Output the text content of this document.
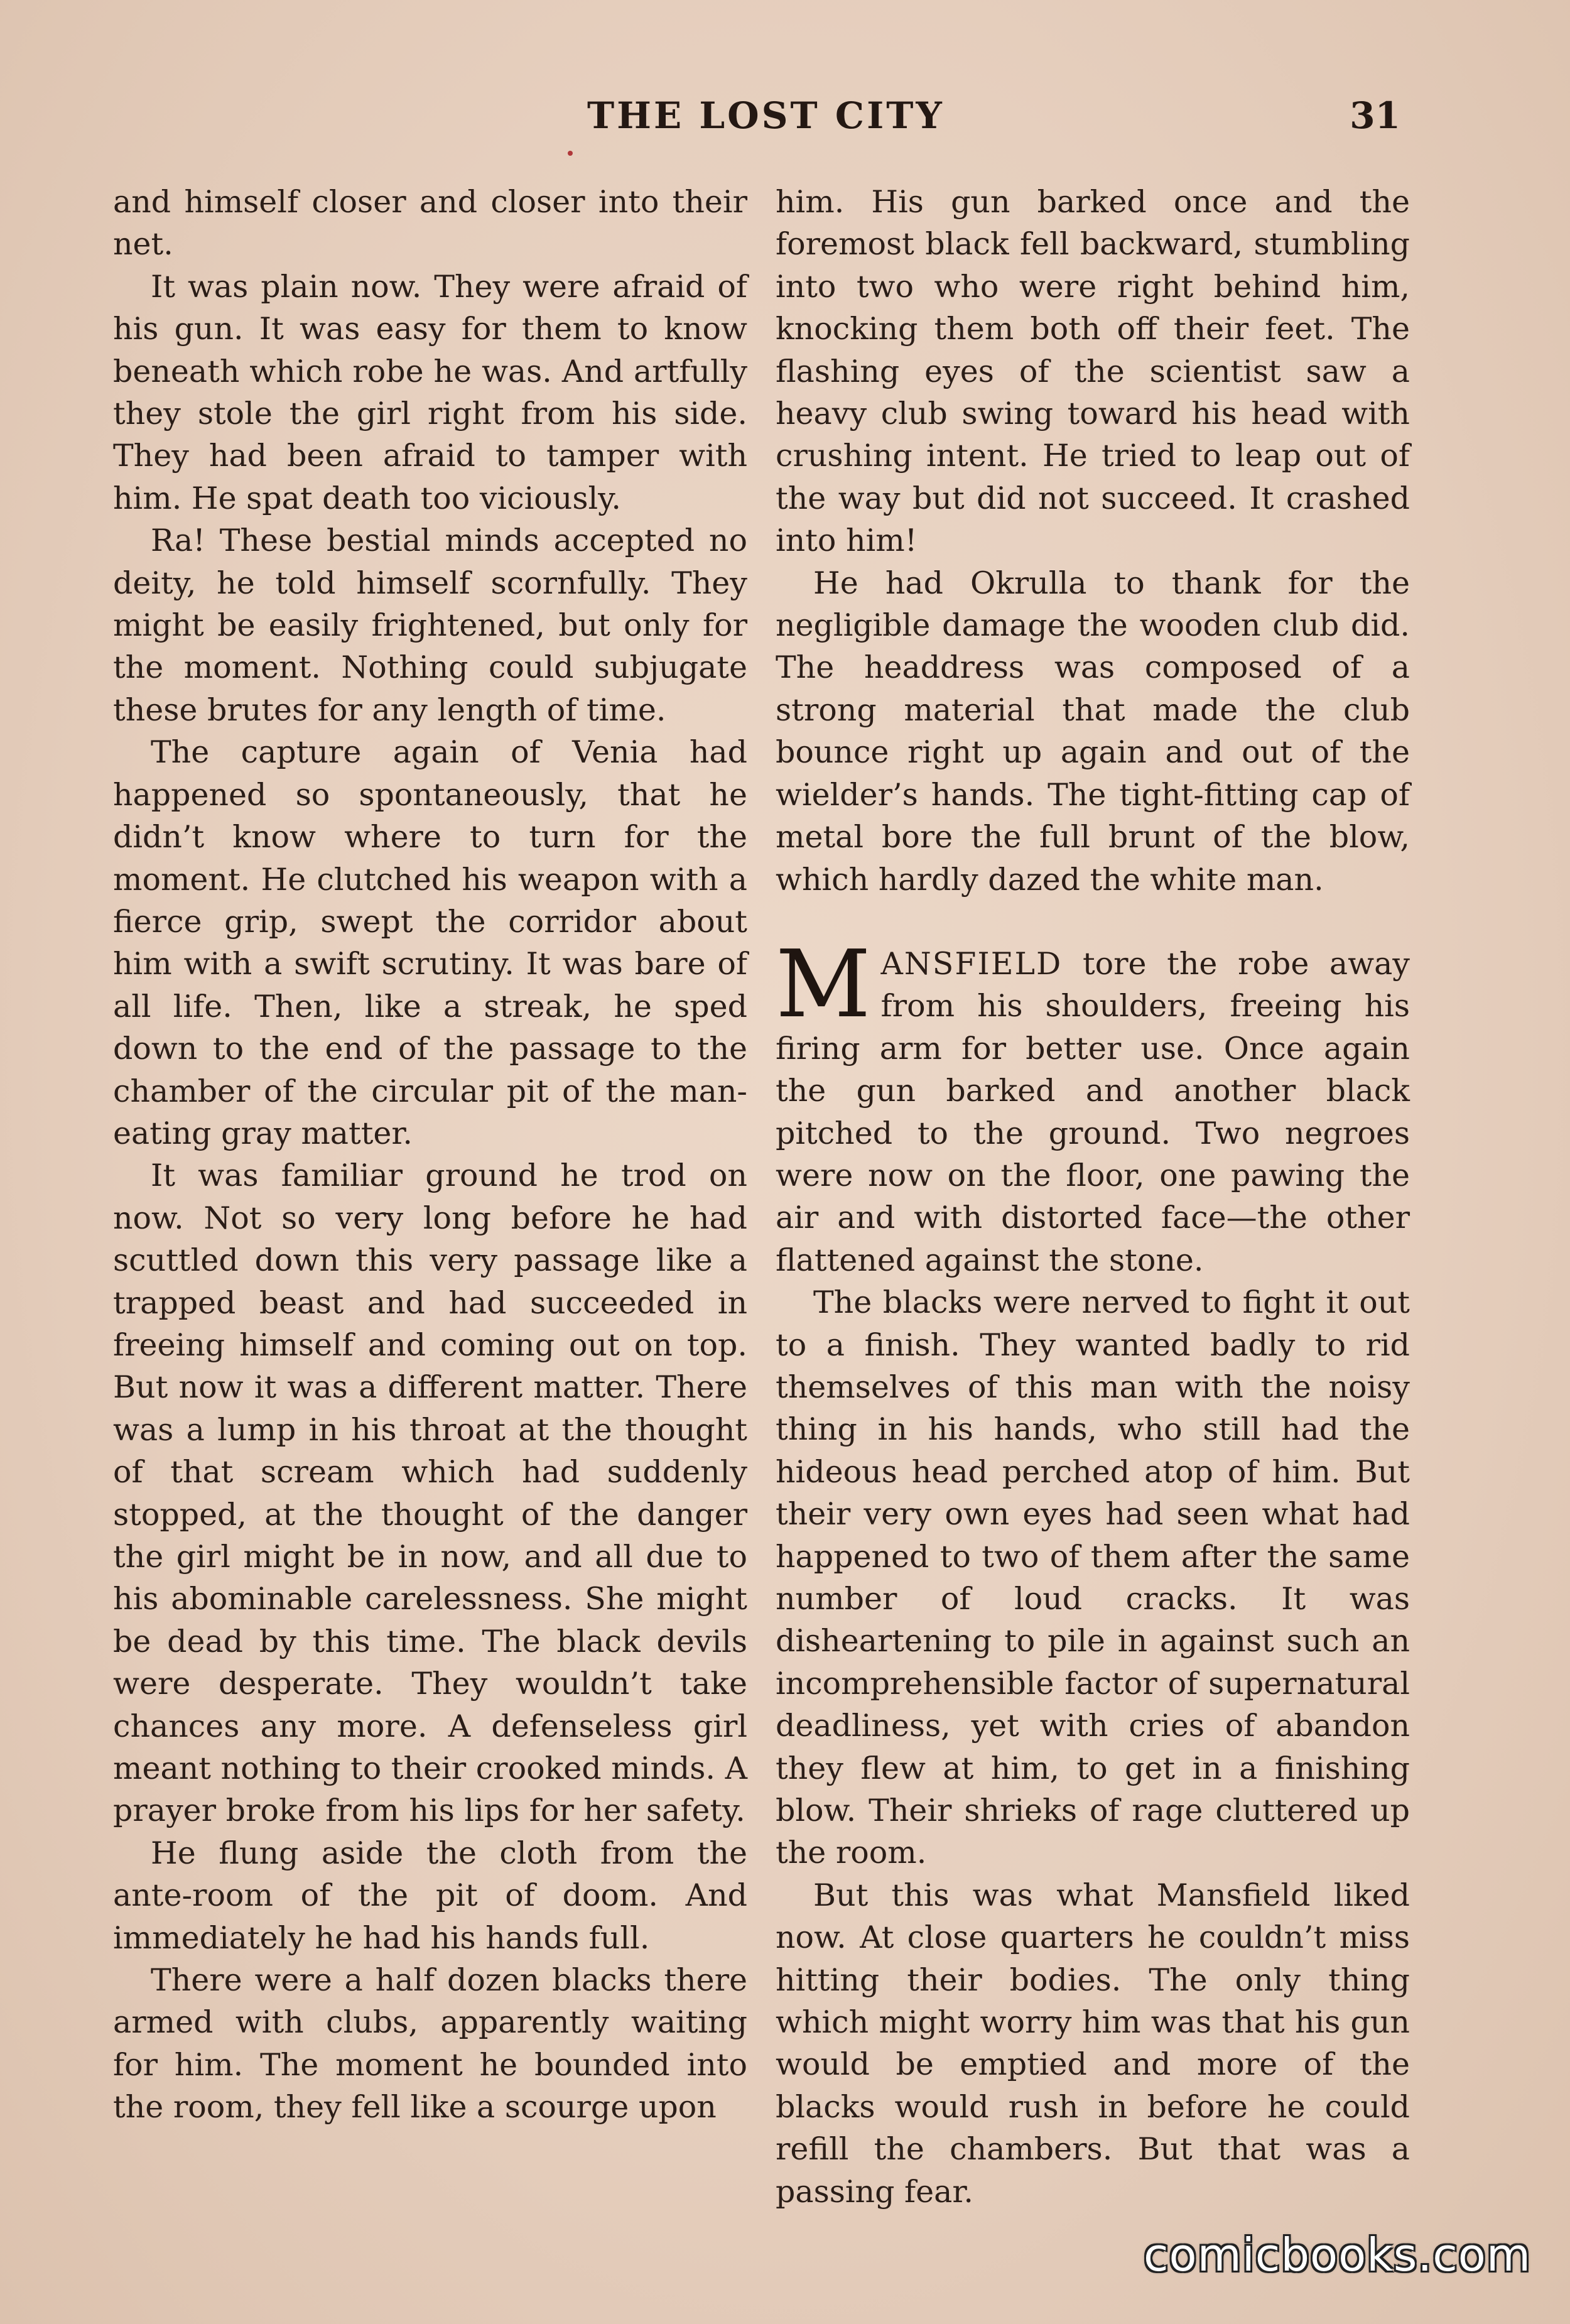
THE LOST CITY	31

and himself closer and closer into their net.

It was plain now. They were afraid of his gun. It was easy for them to know beneath which robe he was. And artfully they stole the girl right from his side. They had been afraid to tamper with him. He spat death too viciously.

Ra! These bestial minds accepted no deity, he told himself scornfully. They might be easily frightened, but only for the moment. Nothing could subjugate these brutes for any length of time.

The capture again of Venia had happened so spontaneously, that he didn’t know where to turn for the moment. He clutched his weapon with a fierce grip, swept the corridor about him with a swift scrutiny. It was bare of all life. Then, like a streak, he sped down to the end of the passage to the chamber of the circular pit of the man-eating gray matter.

It was familiar ground he trod on now. Not so very long before he had scuttled down this very passage like a trapped beast and had succeeded in freeing himself and coming out on top. But now it was a different matter. There was a lump in his throat at the thought of that scream which had suddenly stopped, at the thought of the danger the girl might be in now, and all due to his abominable carelessness. She might be dead by this time. The black devils were desperate. They wouldn’t take chances any more. A defenseless girl meant nothing to their crooked minds. A prayer broke from his lips for her safety.

He flung aside the cloth from the ante-room of the pit of doom. And immediately he had his hands full.

There were a half dozen blacks there armed with clubs, apparently waiting for him. The moment he bounded into the room, they fell like a scourge upon

him. His gun barked once and the foremost black fell backward, stumbling into two who were right behind him, knocking them both off their feet. The flashing eyes of the scientist saw a heavy club swing toward his head with crushing intent. He tried to leap out of the way but did not succeed. It crashed into him!

He had Okrulla to thank for the negligible damage the wooden club did. The headdress was composed of a strong material that made the club bounce right up again and out of the wielder’s hands. The tight-fitting cap of metal bore the full brunt of the blow, which hardly dazed the white man.

MANSFIELD tore the robe away from his shoulders, freeing his firing arm for better use. Once again the gun barked and another black pitched to the ground. Two negroes were now on the floor, one pawing the air and with distorted face—the other flattened against the stone.

The blacks were nerved to fight it out to a finish. They wanted badly to rid themselves of this man with the noisy thing in his hands, who still had the hideous head perched atop of him. But their very own eyes had seen what had happened to two of them after the same number of loud cracks. It was disheartening to pile in against such an incomprehensible factor of supernatural deadliness, yet with cries of abandon they flew at him, to get in a finishing blow. Their shrieks of rage cluttered up the room.

But this was what Mansfield liked now. At close quarters he couldn’t miss hitting their bodies. The only thing which might worry him was that his gun would be emptied and more of the blacks would rush in before he could refill the chambers. But that was a passing fear.

comicbooks.com
